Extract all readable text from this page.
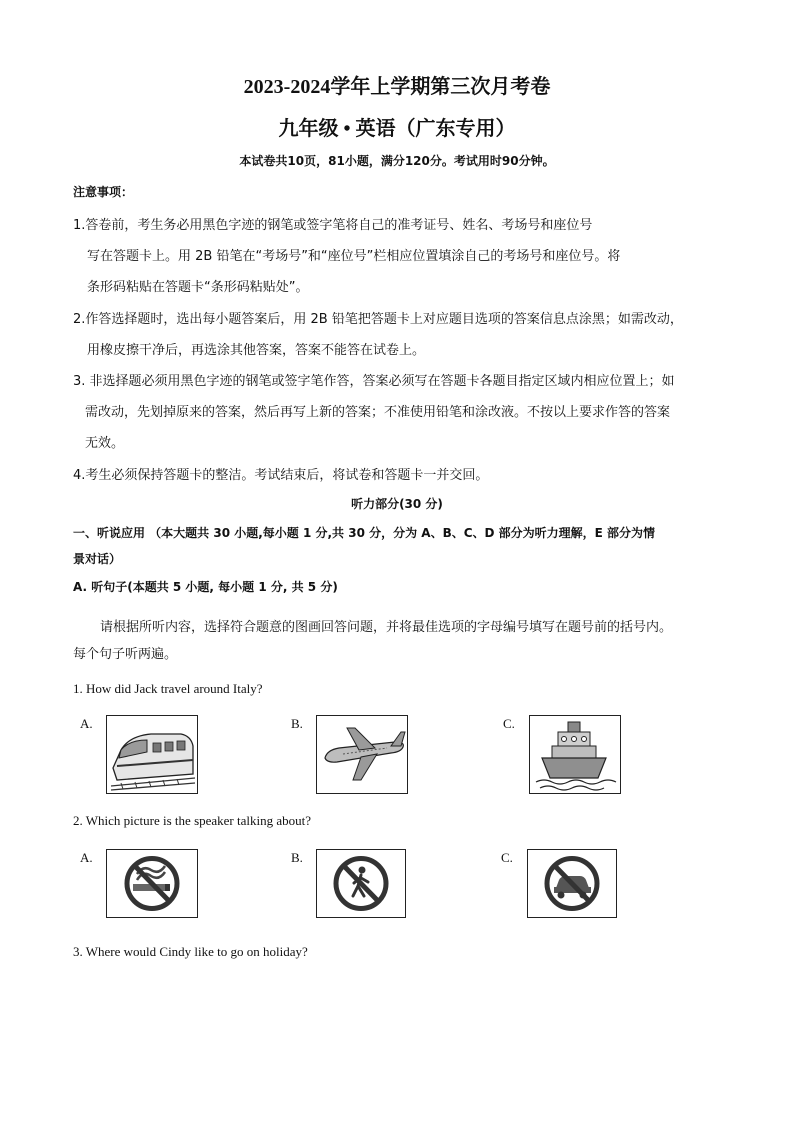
2023-2024学年上学期第三次月考卷
九年级 • 英语（广东专用）
本试卷共10页，81小题，满分120分。考试用时90分钟。
注意事项：
1.答卷前，考生务必用黑色字迹的钢笔或签字笔将自己的准考证号、姓名、考场号和座位号
写在答题卡上。用 2B 铅笔在“考场号”和“座位号”栏相应位置填涂自己的考场号和座位号。将
条形码粘贴在答题卡“条形码粘贴处”。
2.作答选择题时，选出每小题答案后，用 2B 铅笔把答题卡上对应题目选项的答案信息点涂黑；如需改动，
用橡皮擦干净后，再选涂其他答案，答案不能答在试卷上。
3. 非选择题必须用黑色字迹的钢笔或签字笔作答，答案必须写在答题卡各题目指定区域内相应位置上；如
需改动，先划掉原来的答案，然后再写上新的答案；不准使用铅笔和涂改液。不按以上要求作答的答案
无效。
4.考生必须保持答题卡的整洁。考试结束后，将试卷和答题卡一并交回。
听力部分(30 分)
一、听说应用 （本大题共 30 小题,每小题 1 分,共 30 分，分为 A、B、C、D 部分为听力理解，E 部分为情
景对话）
A. 听句子(本题共 5 小题, 每小题 1 分, 共 5 分)
请根据所听内容，选择符合题意的图画回答问题，并将最佳选项的字母编号填写在题号前的括号内。
每个句子听两遍。
1. How did Jack travel around Italy?
A.	B.	C.
2. Which picture is the speaker talking about?
A.	B.	C.
3. Where would Cindy like to go on holiday?
